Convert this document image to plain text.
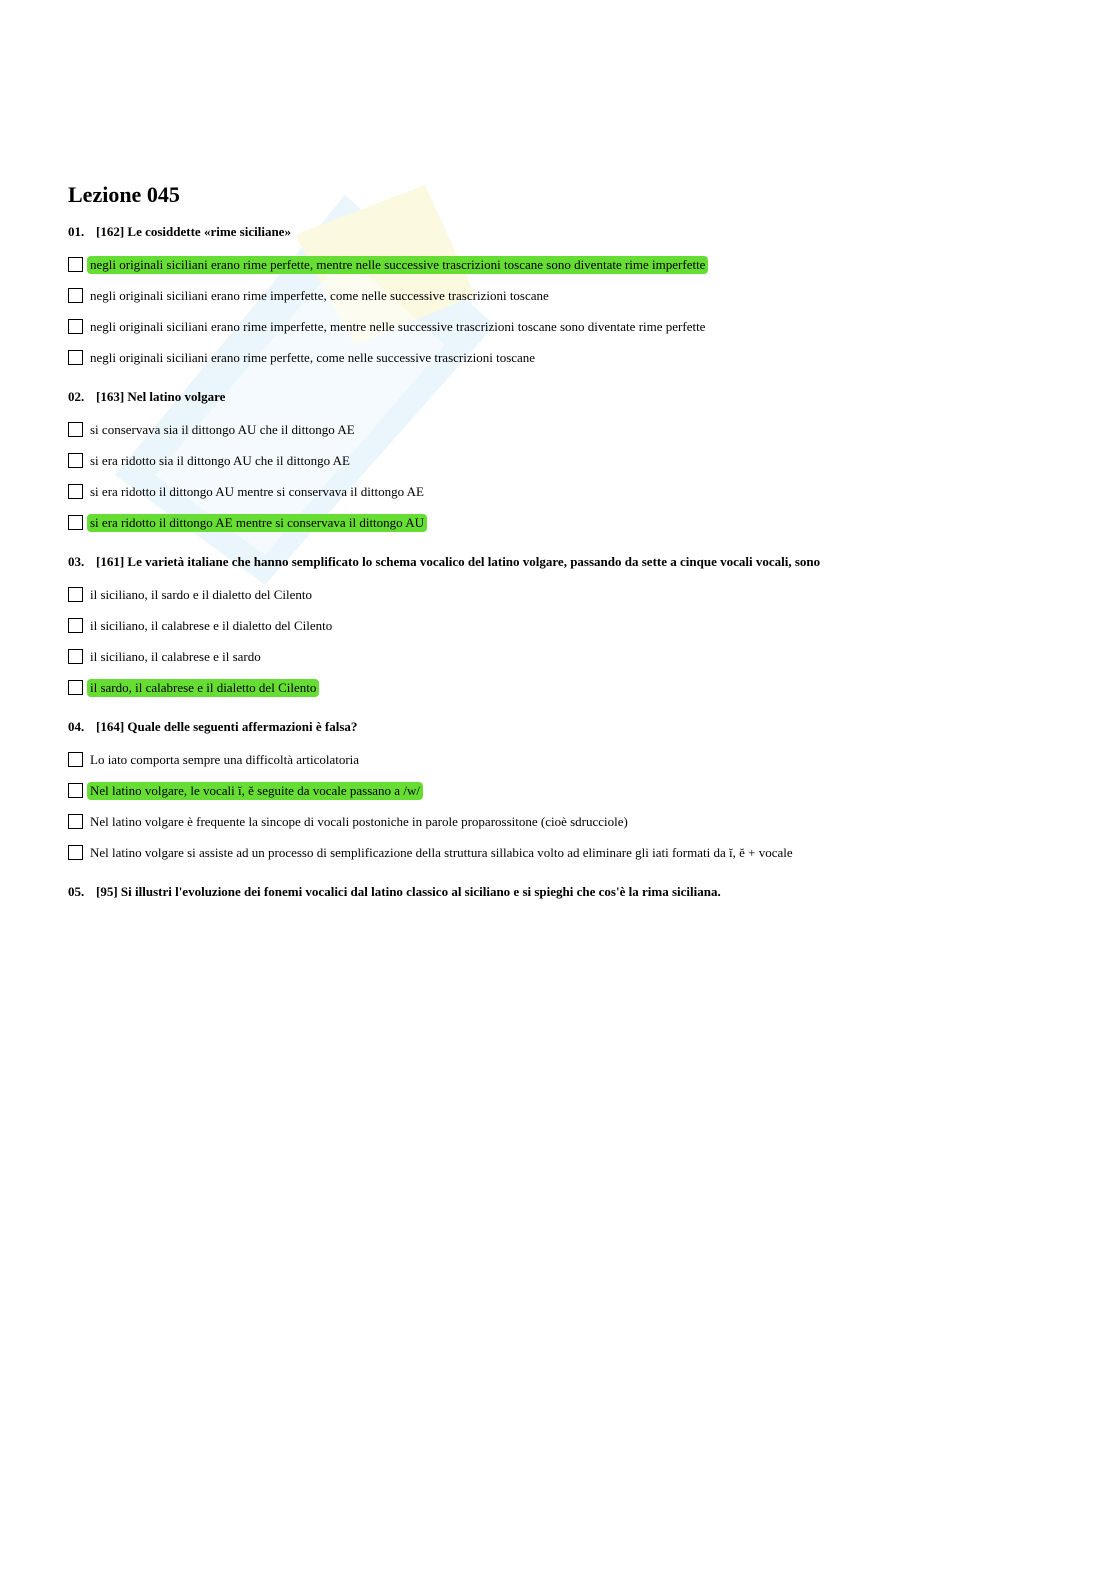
Lezione 045
01. [162] Le cosiddette «rime siciliane»
negli originali siciliani erano rime perfette, mentre nelle successive trascrizioni toscane sono diventate rime imperfette
negli originali siciliani erano rime imperfette, come nelle successive trascrizioni toscane
negli originali siciliani erano rime imperfette, mentre nelle successive trascrizioni toscane sono diventate rime perfette
negli originali siciliani erano rime perfette, come nelle successive trascrizioni toscane
02. [163] Nel latino volgare
si conservava sia il dittongo AU che il dittongo AE
si era ridotto sia il dittongo AU che il dittongo AE
si era ridotto il dittongo AU mentre si conservava il dittongo AE
si era ridotto il dittongo AE mentre si conservava il dittongo AU
03. [161] Le varietà italiane che hanno semplificato lo schema vocalico del latino volgare, passando da sette a cinque vocali vocali, sono
il siciliano, il sardo e il dialetto del Cilento
il siciliano, il calabrese e il dialetto del Cilento
il siciliano, il calabrese e il sardo
il sardo, il calabrese e il dialetto del Cilento
04. [164] Quale delle seguenti affermazioni è falsa?
Lo iato comporta sempre una difficoltà articolatoria
Nel latino volgare, le vocali ĭ, ĕ seguite da vocale passano a /w/
Nel latino volgare è frequente la sincope di vocali postoniche in parole proparossitone (cioè sdrucciole)
Nel latino volgare si assiste ad un processo di semplificazione della struttura sillabica volto ad eliminare gli iati formati da ĭ, ĕ + vocale
05. [95] Si illustri l'evoluzione dei fonemi vocalici dal latino classico al siciliano e si spieghi che cos'è la rima siciliana.
